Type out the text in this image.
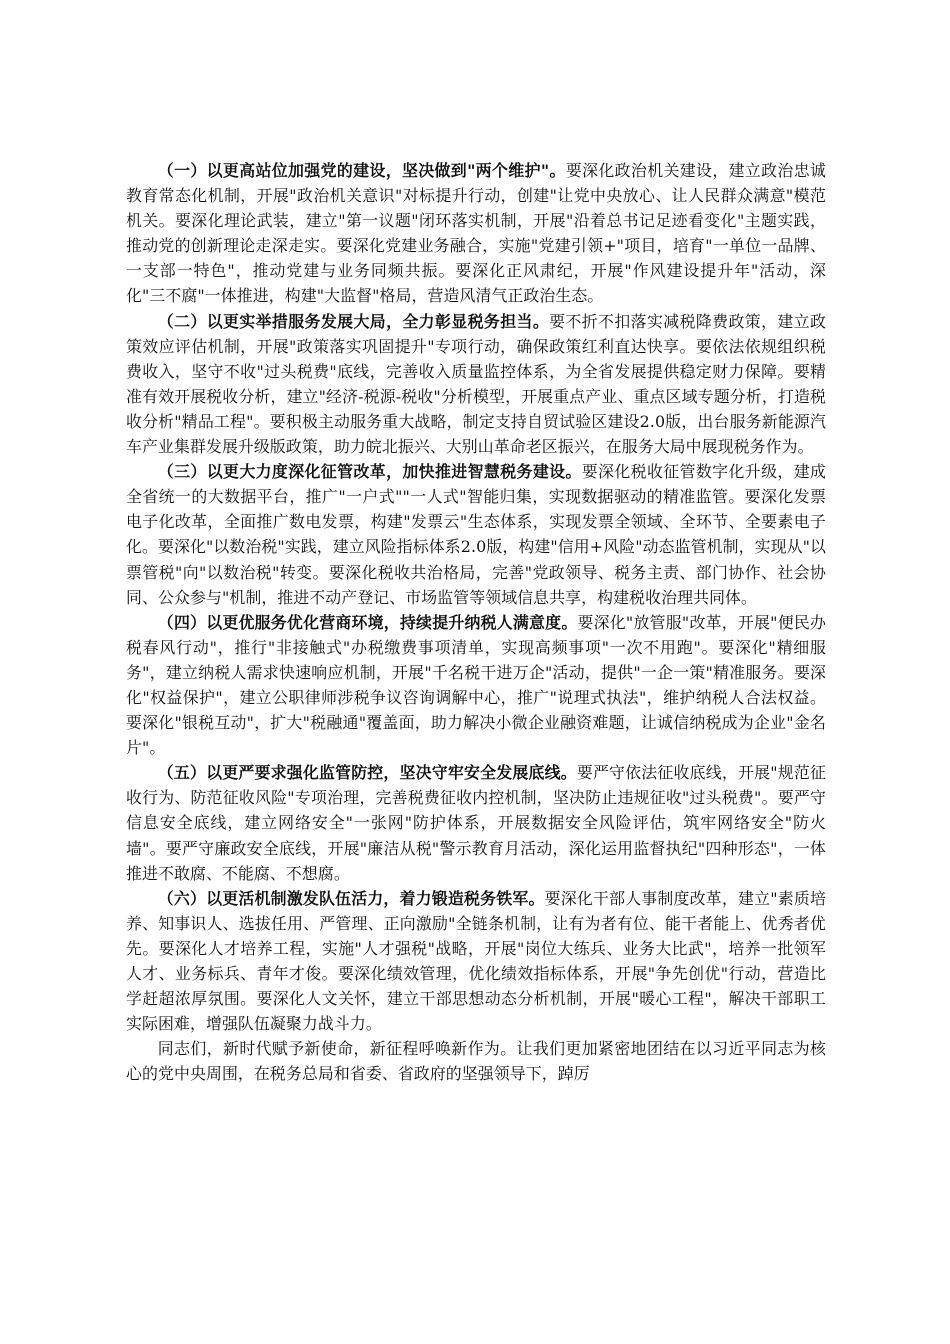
（一）以更高站位加强党的建设，坚决做到"两个维护"。要深化政治机关建设，建立政治忠诚教育常态化机制，开展"政治机关意识"对标提升行动，创建"让党中央放心、让人民群众满意"模范机关。要深化理论武装，建立"第一议题"闭环落实机制，开展"沿着总书记足迹看变化"主题实践，推动党的创新理论走深走实。要深化党建业务融合，实施"党建引领+"项目，培育"一单位一品牌、一支部一特色"，推动党建与业务同频共振。要深化正风肃纪，开展"作风建设提升年"活动，深化"三不腐"一体推进，构建"大监督"格局，营造风清气正政治生态。

（二）以更实举措服务发展大局，全力彰显税务担当。要不折不扣落实减税降费政策，建立政策效应评估机制，开展"政策落实巩固提升"专项行动，确保政策红利直达快享。要依法依规组织税费收入，坚守不收"过头税费"底线，完善收入质量监控体系，为全省发展提供稳定财力保障。要精准有效开展税收分析，建立"经济-税源-税收"分析模型，开展重点产业、重点区域专题分析，打造税收分析"精品工程"。要积极主动服务重大战略，制定支持自贸试验区建设2.0版，出台服务新能源汽车产业集群发展升级版政策，助力皖北振兴、大别山革命老区振兴，在服务大局中展现税务作为。

（三）以更大力度深化征管改革，加快推进智慧税务建设。要深化税收征管数字化升级，建成全省统一的大数据平台，推广"一户式""一人式"智能归集，实现数据驱动的精准监管。要深化发票电子化改革，全面推广数电发票，构建"发票云"生态体系，实现发票全领域、全环节、全要素电子化。要深化"以数治税"实践，建立风险指标体系2.0版，构建"信用+风险"动态监管机制，实现从"以票管税"向"以数治税"转变。要深化税收共治格局，完善"党政领导、税务主责、部门协作、社会协同、公众参与"机制，推进不动产登记、市场监管等领域信息共享，构建税收治理共同体。

（四）以更优服务优化营商环境，持续提升纳税人满意度。要深化"放管服"改革，开展"便民办税春风行动"，推行"非接触式"办税缴费事项清单，实现高频事项"一次不用跑"。要深化"精细服务"，建立纳税人需求快速响应机制，开展"千名税干进万企"活动，提供"一企一策"精准服务。要深化"权益保护"，建立公职律师涉税争议咨询调解中心，推广"说理式执法"，维护纳税人合法权益。要深化"银税互动"，扩大"税融通"覆盖面，助力解决小微企业融资难题，让诚信纳税成为企业"金名片"。

（五）以更严要求强化监管防控，坚决守牢安全发展底线。要严守依法征收底线，开展"规范征收行为、防范征收风险"专项治理，完善税费征收内控机制，坚决防止违规征收"过头税费"。要严守信息安全底线，建立网络安全"一张网"防护体系，开展数据安全风险评估，筑牢网络安全"防火墙"。要严守廉政安全底线，开展"廉洁从税"警示教育月活动，深化运用监督执纪"四种形态"，一体推进不敢腐、不能腐、不想腐。

（六）以更活机制激发队伍活力，着力锻造税务铁军。要深化干部人事制度改革，建立"素质培养、知事识人、选拔任用、严管理、正向激励"全链条机制，让有为者有位、能干者能上、优秀者优先。要深化人才培养工程，实施"人才强税"战略，开展"岗位大练兵、业务大比武"，培养一批领军人才、业务标兵、青年才俊。要深化绩效管理，优化绩效指标体系，开展"争先创优"行动，营造比学赶超浓厚氛围。要深化人文关怀，建立干部思想动态分析机制，开展"暖心工程"，解决干部职工实际困难，增强队伍凝聚力战斗力。

同志们，新时代赋予新使命，新征程呼唤新作为。让我们更加紧密地团结在以习近平同志为核心的党中央周围，在税务总局和省委、省政府的坚强领导下，踔厉
